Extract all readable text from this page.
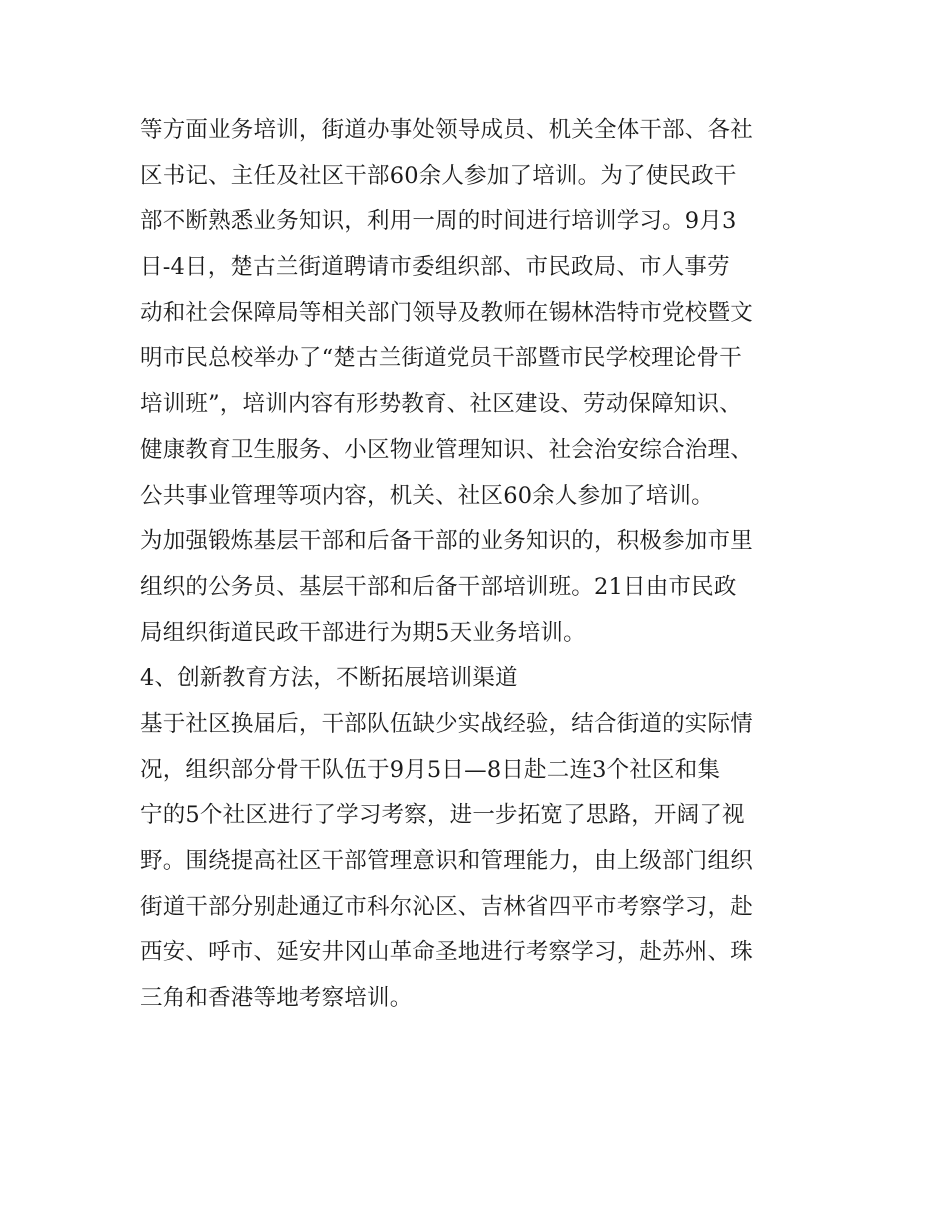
等方面业务培训，街道办事处领导成员、机关全体干部、各社
区书记、主任及社区干部60余人参加了培训。为了使民政干
部不断熟悉业务知识，利用一周的时间进行培训学习。9月3
日-4日，楚古兰街道聘请市委组织部、市民政局、市人事劳
动和社会保障局等相关部门领导及教师在锡林浩特市党校暨文
明市民总校举办了“楚古兰街道党员干部暨市民学校理论骨干
培训班”，培训内容有形势教育、社区建设、劳动保障知识、
健康教育卫生服务、小区物业管理知识、社会治安综合治理、
公共事业管理等项内容，机关、社区60余人参加了培训。
为加强锻炼基层干部和后备干部的业务知识的，积极参加市里
组织的公务员、基层干部和后备干部培训班。21日由市民政
局组织街道民政干部进行为期5天业务培训。
4、创新教育方法，不断拓展培训渠道
基于社区换届后，干部队伍缺少实战经验，结合街道的实际情
况，组织部分骨干队伍于9月5日—8日赴二连3个社区和集
宁的5个社区进行了学习考察，进一步拓宽了思路，开阔了视
野。围绕提高社区干部管理意识和管理能力，由上级部门组织
街道干部分别赴通辽市科尔沁区、吉林省四平市考察学习，赴
西安、呼市、延安井冈山革命圣地进行考察学习，赴苏州、珠
三角和香港等地考察培训。
